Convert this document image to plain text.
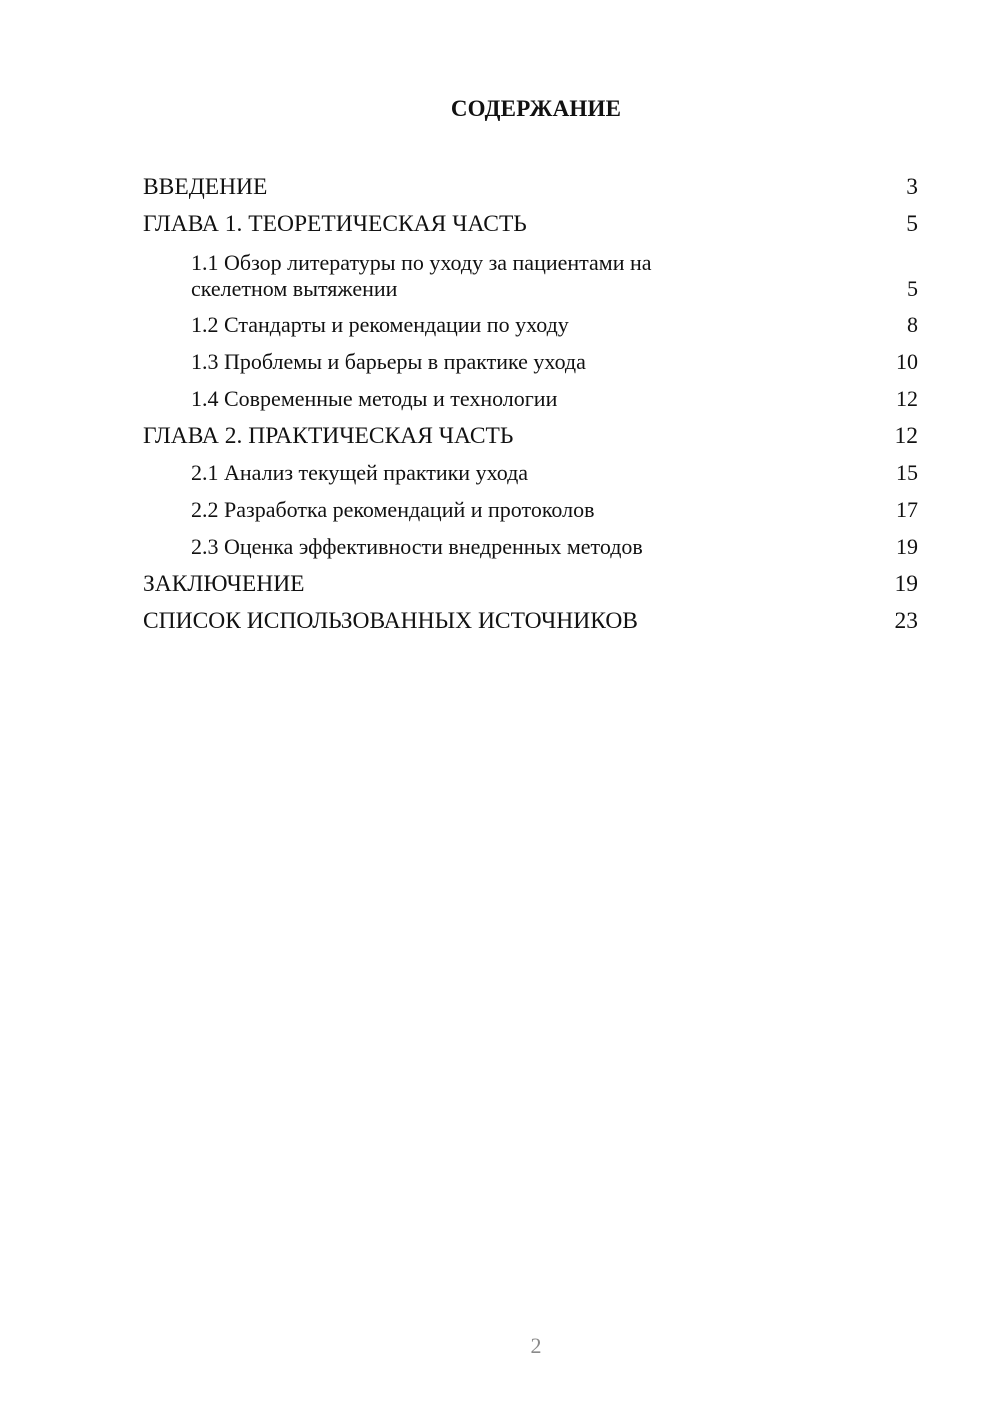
СОДЕРЖАНИЕ
ВВЕДЕНИЕ	3
ГЛАВА 1. ТЕОРЕТИЧЕСКАЯ ЧАСТЬ	5
1.1 Обзор литературы по уходу за пациентами на скелетном вытяжении	5
1.2 Стандарты и рекомендации по уходу	8
1.3 Проблемы и барьеры в практике ухода	10
1.4 Современные методы и технологии	12
ГЛАВА 2. ПРАКТИЧЕСКАЯ ЧАСТЬ	12
2.1 Анализ текущей практики ухода	15
2.2 Разработка рекомендаций и протоколов	17
2.3 Оценка эффективности внедренных методов	19
ЗАКЛЮЧЕНИЕ	19
СПИСОК ИСПОЛЬЗОВАННЫХ ИСТОЧНИКОВ	23
2
